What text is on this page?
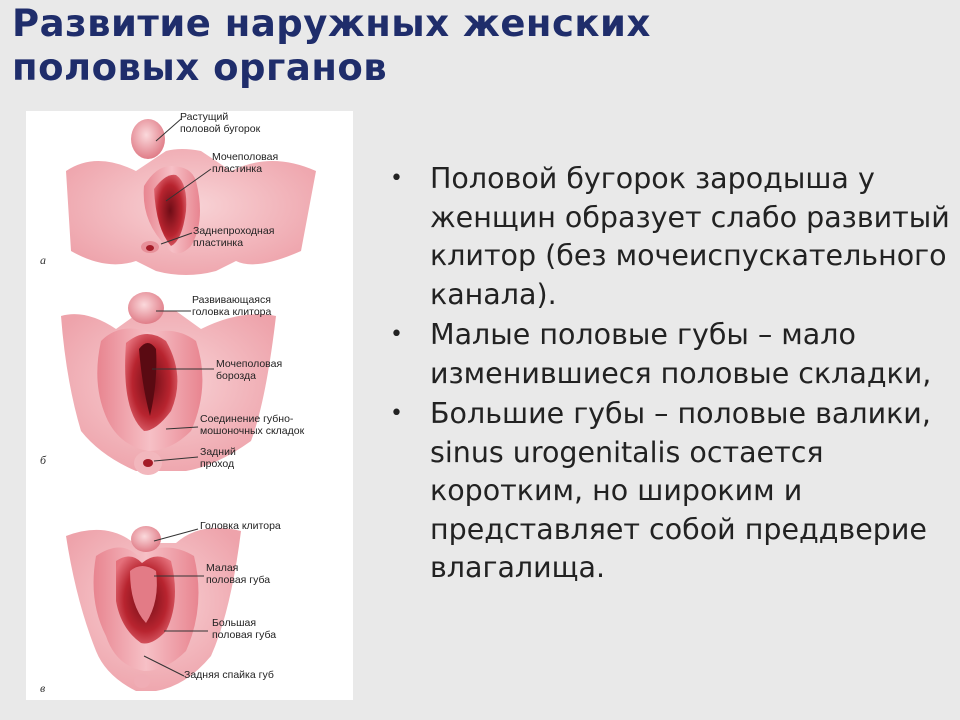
Развитие наружных женских
половых органов
Растущий
половой бугорок
Мочеполовая
пластинка
Заднепроходная
пластинка
а
Развивающаяся
головка клитора
Мочеполовая
борозда
Соединение губно-
мошоночных складок
Задний
проход
б
Головка клитора
Малая
половая губа
Большая
половая губа
Задняя спайка губ
в
• Половой бугорок зародыша у женщин образует слабо развитый клитор (без мочеиспускательного канала).
• Малые половые губы – мало изменившиеся половые складки,
• Большие губы – половые валики, sinus urogenitalis остается коротким, но широким и представляет собой преддверие влагалища.
